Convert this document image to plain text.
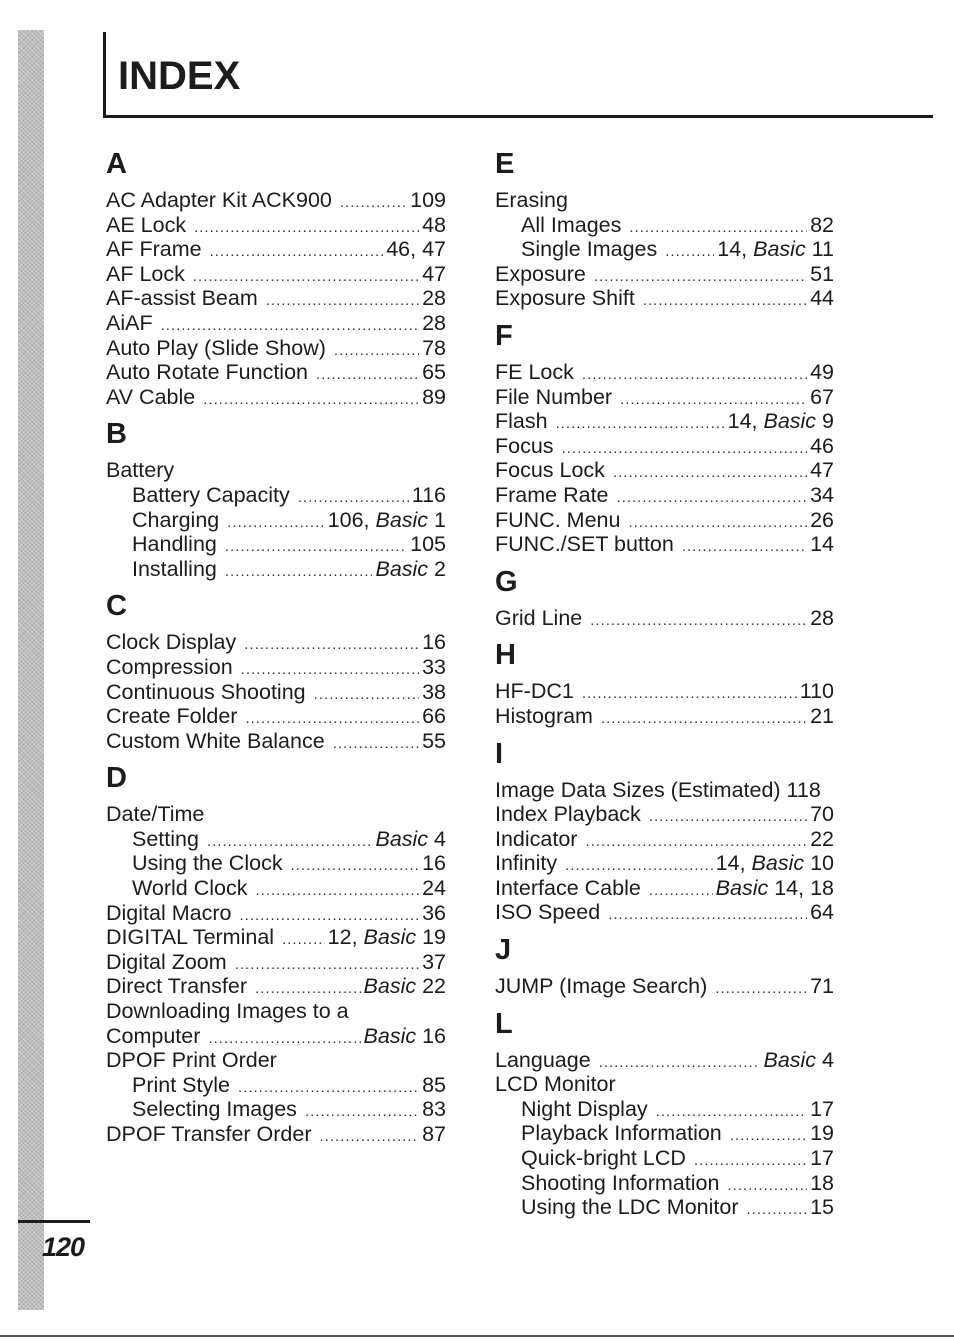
INDEX
A
AC Adapter Kit ACK900 .....	109
AE Lock .....	48
AF Frame .....	46, 47
AF Lock .....	47
AF-assist Beam .....	28
AiAF .....	28
Auto Play (Slide Show) .....	78
Auto Rotate Function .....	65
AV Cable .....	89
B
Battery
Battery Capacity .....	116
Charging .....	106, Basic 1
Handling .....	105
Installing .....	Basic 2
C
Clock Display .....	16
Compression .....	33
Continuous Shooting .....	38
Create Folder .....	66
Custom White Balance .....	55
D
Date/Time
Setting .....	Basic 4
Using the Clock .....	16
World Clock .....	24
Digital Macro .....	36
DIGITAL Terminal ..... 12, Basic 19
Digital Zoom .....	37
Direct Transfer .....	Basic 22
Downloading Images to a
Computer .....	Basic 16
DPOF Print Order
Print Style .....	85
Selecting Images .....	83
DPOF Transfer Order .....	87
E
Erasing
All Images .....	82
Single Images .....	14, Basic 11
Exposure .....	51
Exposure Shift .....	44
F
FE Lock .....	49
File Number .....	67
Flash .....	14, Basic 9
Focus .....	46
Focus Lock .....	47
Frame Rate .....	34
FUNC. Menu .....	26
FUNC./SET button .....	14
G
Grid Line .....	28
H
HF-DC1 .....	110
Histogram .....	21
I
Image Data Sizes (Estimated) 118
Index Playback .....	70
Indicator .....	22
Infinity .....	14, Basic 10
Interface Cable .....	Basic 14, 18
ISO Speed .....	64
J
JUMP (Image Search) .....	71
L
Language .....	Basic 4
LCD Monitor
Night Display .....	17
Playback Information .....	19
Quick-bright LCD .....	17
Shooting Information .....	18
Using the LDC Monitor .....	15
120
